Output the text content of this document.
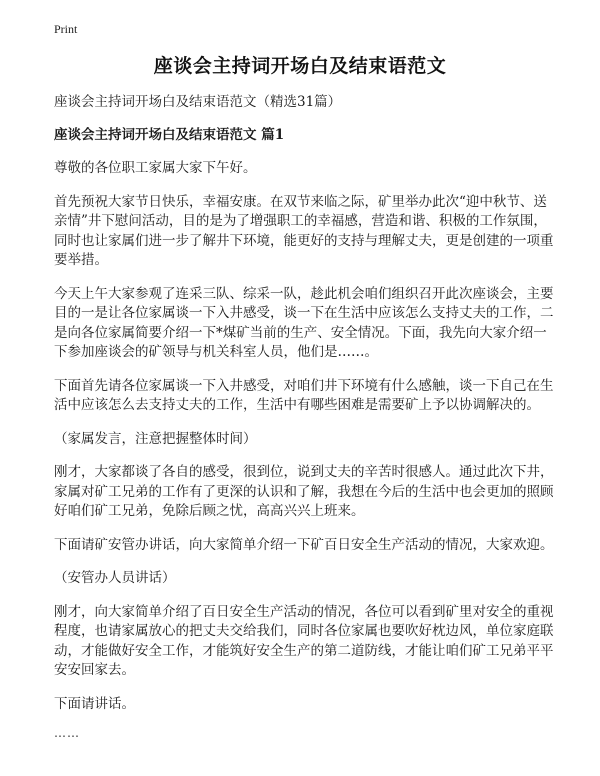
Print
座谈会主持词开场白及结束语范文
座谈会主持词开场白及结束语范文（精选31篇）
座谈会主持词开场白及结束语范文 篇1

尊敬的各位职工家属大家下午好。

首先预祝大家节日快乐，幸福安康。在双节来临之际，矿里举办此次“迎中秋节、送亲情”井下慰问活动，目的是为了增强职工的幸福感，营造和谐、积极的工作氛围，同时也让家属们进一步了解井下环境，能更好的支持与理解丈夫，更是创建的一项重要举措。

今天上午大家参观了连采三队、综采一队，趁此机会咱们组织召开此次座谈会，主要目的一是让各位家属谈一下入井感受，谈一下在生活中应该怎么支持丈夫的工作，二是向各位家属简要介绍一下*煤矿当前的生产、安全情况。下面，我先向大家介绍一下参加座谈会的矿领导与机关科室人员，他们是……。

下面首先请各位家属谈一下入井感受，对咱们井下环境有什么感触，谈一下自己在生活中应该怎么去支持丈夫的工作，生活中有哪些困难是需要矿上予以协调解决的。

（家属发言，注意把握整体时间）

刚才，大家都谈了各自的感受，很到位，说到丈夫的辛苦时很感人。通过此次下井，家属对矿工兄弟的工作有了更深的认识和了解，我想在今后的生活中也会更加的照顾好咱们矿工兄弟，免除后顾之忧，高高兴兴上班来。

下面请矿安管办讲话，向大家简单介绍一下矿百日安全生产活动的情况，大家欢迎。

（安管办人员讲话）

刚才，向大家简单介绍了百日安全生产活动的情况，各位可以看到矿里对安全的重视程度，也请家属放心的把丈夫交给我们，同时各位家属也要吹好枕边风，单位家庭联动，才能做好安全工作，才能筑好安全生产的第二道防线，才能让咱们矿工兄弟平平安安回家去。

下面请讲话。

……
